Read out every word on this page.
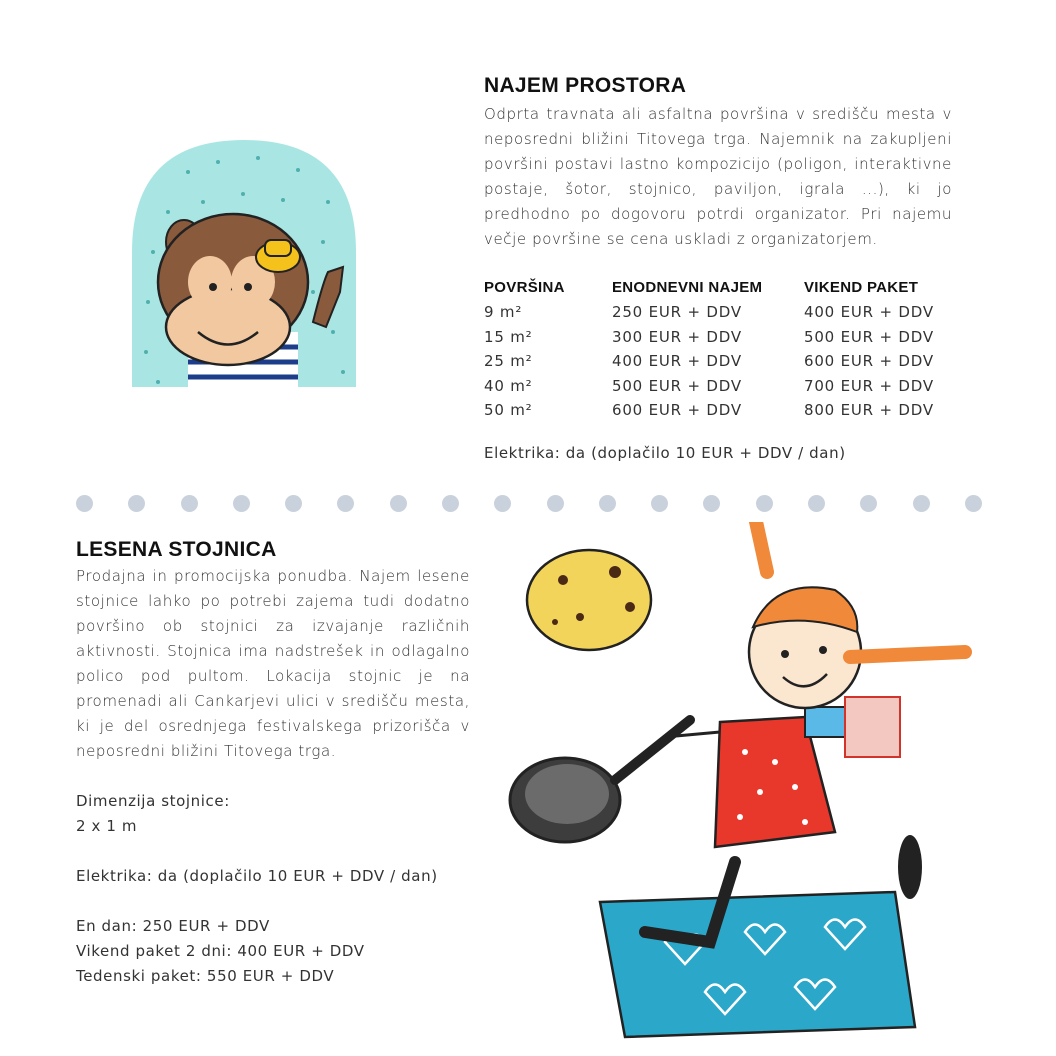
NAJEM PROSTORA

Odprta travnata ali asfaltna površina v središču mesta v neposredni bližini Titovega trga. Najemnik na zakupljeni površini postavi lastno kompozicijo (poligon, interaktivne postaje, šotor, stojnico, paviljon, igrala ...), ki jo predhodno po dogovoru potrdi organizator. Pri najemu večje površine se cena uskladi z organizatorjem.

POVRŠINA	ENODNEVNI NAJEM	VIKEND PAKET
9 m²	250 EUR + DDV	400 EUR + DDV
15 m²	300 EUR + DDV	500 EUR + DDV
25 m²	400 EUR + DDV	600 EUR + DDV
40 m²	500 EUR + DDV	700 EUR + DDV
50 m²	600 EUR + DDV	800 EUR + DDV

Elektrika: da (doplačilo 10 EUR + DDV / dan)

LESENA STOJNICA

Prodajna in promocijska ponudba. Najem lesene stojnice lahko po potrebi zajema tudi dodatno površino ob stojnici za izvajanje različnih aktivnosti. Stojnica ima nadstrešek in odlagalno polico pod pultom. Lokacija stojnic je na promenadi ali Cankarjevi ulici v središču mesta, ki je del osrednjega festivalskega prizorišča v neposredni bližini Titovega trga.

Dimenzija stojnice:

2 x 1 m

Elektrika: da (doplačilo 10 EUR + DDV / dan)

En dan: 250 EUR + DDV

Vikend paket 2 dni: 400 EUR + DDV

Tedenski paket: 550 EUR + DDV
